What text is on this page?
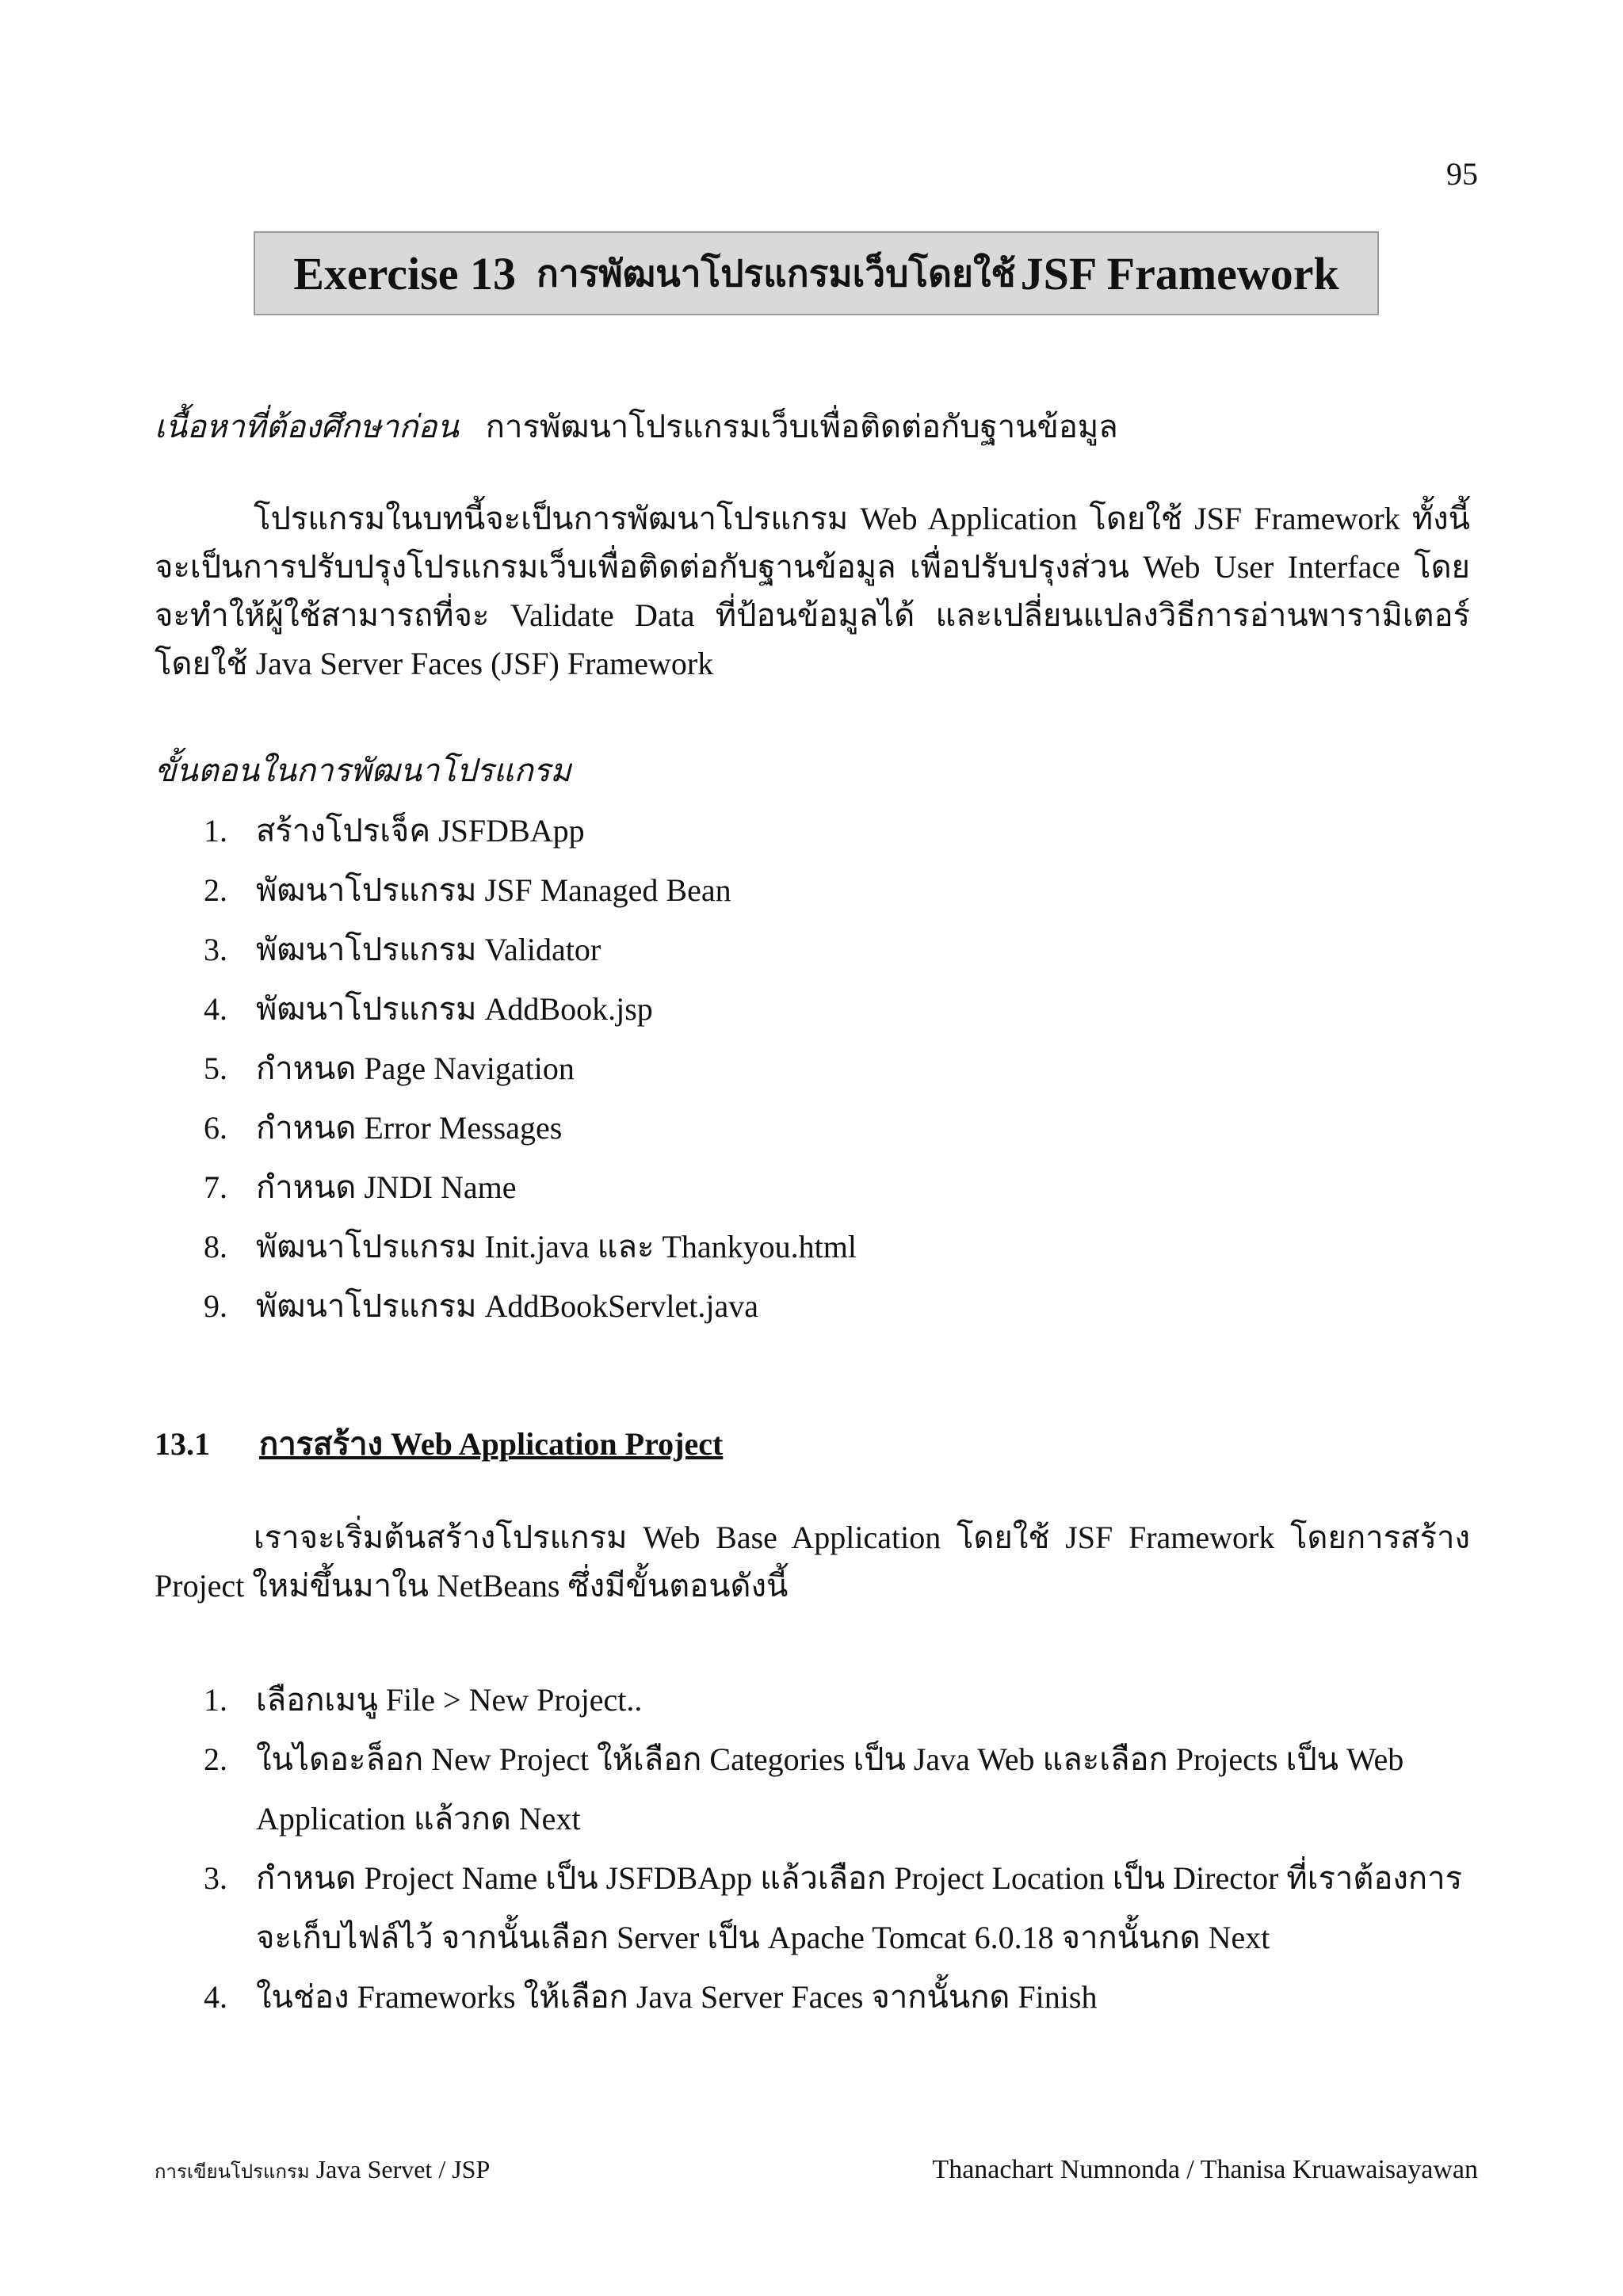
95
Exercise 13 การพัฒนาโปรแกรมเว็บโดยใช้ JSF Framework
เนื้อหาที่ต้องศึกษาก่อน การพัฒนาโปรแกรมเว็บเพื่อติดต่อกับฐานข้อมูล

โปรแกรมในบทนี้จะเป็นการพัฒนาโปรแกรม Web Application โดยใช้ JSF Framework ทั้งนี้จะเป็นการปรับปรุงโปรแกรมเว็บเพื่อติดต่อกับฐานข้อมูล เพื่อปรับปรุงส่วน Web User Interface โดยจะทำให้ผู้ใช้สามารถที่จะ Validate Data ที่ป้อนข้อมูลได้ และเปลี่ยนแปลงวิธีการอ่านพารามิเตอร์โดยใช้ Java Server Faces (JSF) Framework

ขั้นตอนในการพัฒนาโปรแกรม
1. สร้างโปรเจ็ค JSFDBApp
2. พัฒนาโปรแกรม JSF Managed Bean
3. พัฒนาโปรแกรม Validator
4. พัฒนาโปรแกรม AddBook.jsp
5. กำหนด Page Navigation
6. กำหนด Error Messages
7. กำหนด JNDI Name
8. พัฒนาโปรแกรม Init.java และ Thankyou.html
9. พัฒนาโปรแกรม AddBookServlet.java
13.1 การสร้าง Web Application Project

เราจะเริ่มต้นสร้างโปรแกรม Web Base Application โดยใช้ JSF Framework โดยการสร้าง Project ใหม่ขึ้นมาใน NetBeans ซึ่งมีขั้นตอนดังนี้

1. เลือกเมนู File > New Project..
2. ในไดอะล็อก New Project ให้เลือก Categories เป็น Java Web และเลือก Projects เป็น Web Application แล้วกด Next
3. กำหนด Project Name เป็น JSFDBApp แล้วเลือก Project Location เป็น Director ที่เราต้องการจะเก็บไฟล์ไว้ จากนั้นเลือก Server เป็น Apache Tomcat 6.0.18 จากนั้นกด Next
4. ในช่อง Frameworks ให้เลือก Java Server Faces จากนั้นกด Finish
การเขียนโปรแกรม Java Servet / JSP	Thanachart Numnonda / Thanisa Kruawaisayawan
